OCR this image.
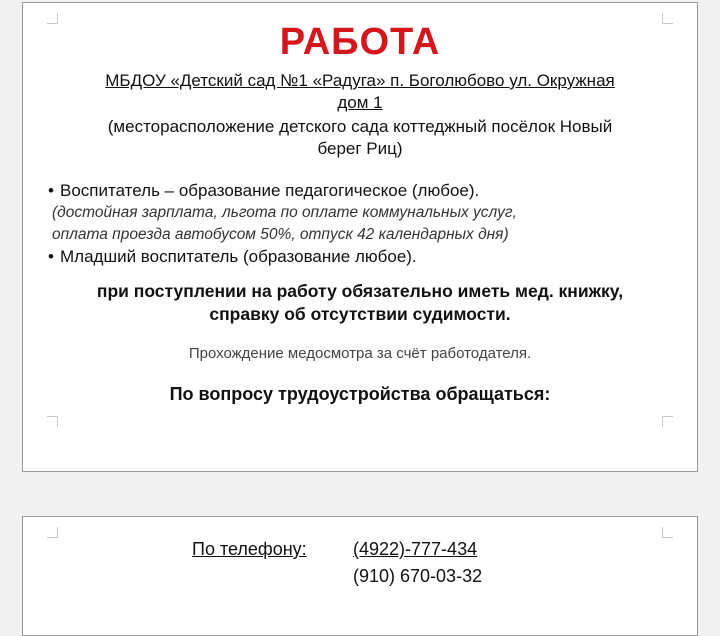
РАБОТА
МБДОУ «Детский сад №1 «Радуга» п. Боголюбово ул. Окружная
дом 1
(месторасположение детского сада коттеджный посёлок Новый
берег Риц)
• Воспитатель – образование педагогическое (любое).
(достойная зарплата, льгота по оплате коммунальных услуг,
оплата проезда автобусом 50%, отпуск 42 календарных дня)
• Младший воспитатель (образование любое).
при поступлении на работу обязательно иметь мед. книжку,
справку об отсутствии судимости.
Прохождение медосмотра за счёт работодателя.
По вопросу трудоустройства обращаться:
По телефону:	(4922)-777-434
(910) 670-03-32
